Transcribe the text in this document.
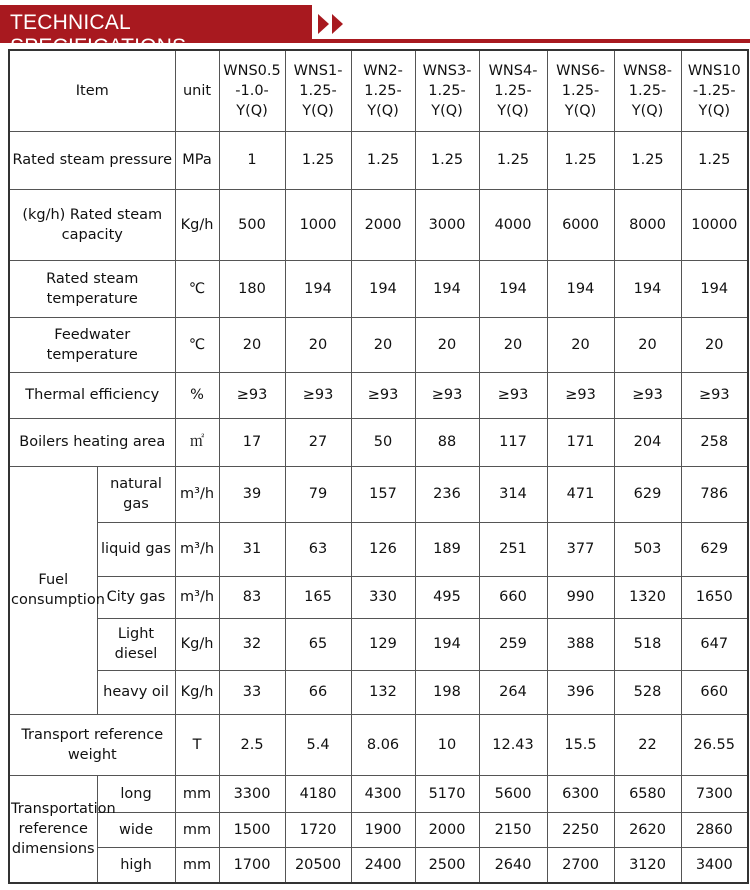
TECHNICAL SPECIFICATIONS
Item		unit	WNS0.5 -1.0- Y(Q)	WNS1- 1.25- Y(Q)	WN2- 1.25- Y(Q)	WNS3- 1.25- Y(Q)	WNS4- 1.25- Y(Q)	WNS6- 1.25- Y(Q)	WNS8- 1.25- Y(Q)	WNS10 -1.25- Y(Q)
Rated steam pressure		MPa	1	1.25	1.25	1.25	1.25	1.25	1.25	1.25
(kg/h) Rated steam capacity		Kg/h	500	1000	2000	3000	4000	6000	8000	10000
Rated steam temperature		℃	180	194	194	194	194	194	194	194
Feedwater temperature		℃	20	20	20	20	20	20	20	20
Thermal efficiency		%	≥93	≥93	≥93	≥93	≥93	≥93	≥93	≥93
Boilers heating area		㎡	17	27	50	88	117	171	204	258
Fuel consumption	natural gas	m³/h	39	79	157	236	314	471	629	786
	liquid gas	m³/h	31	63	126	189	251	377	503	629
	City gas	m³/h	83	165	330	495	660	990	1320	1650
	Light diesel	Kg/h	32	65	129	194	259	388	518	647
	heavy oil	Kg/h	33	66	132	198	264	396	528	660
Transport reference weight		T	2.5	5.4	8.06	10	12.43	15.5	22	26.55
Transportation reference dimensions	long	mm	3300	4180	4300	5170	5600	6300	6580	7300
	wide	mm	1500	1720	1900	2000	2150	2250	2620	2860
	high	mm	1700	20500	2400	2500	2640	2700	3120	3400
